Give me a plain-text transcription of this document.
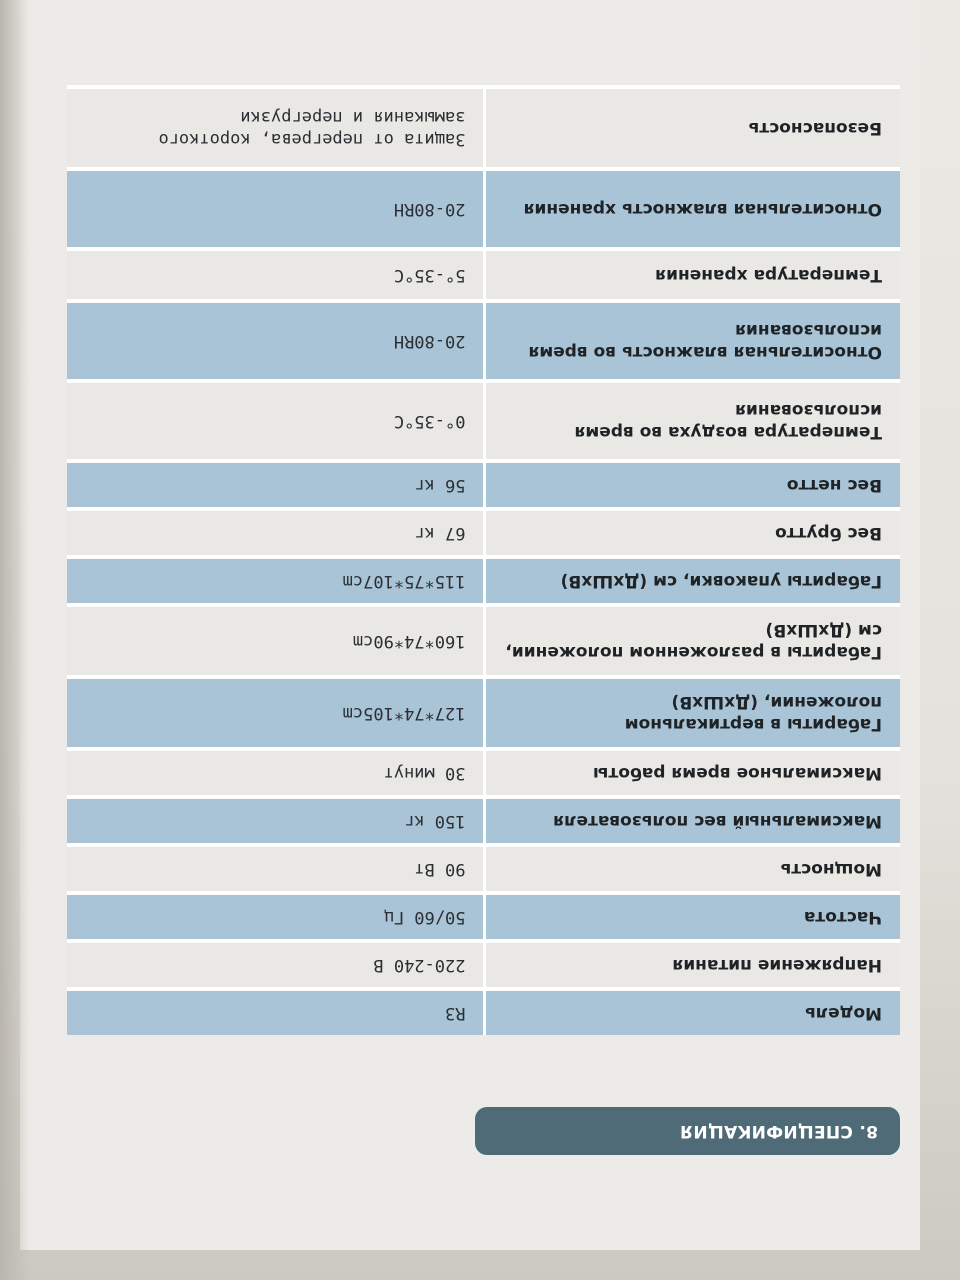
8. СПЕЦИФИКАЦИЯ
Модель	R3
Напряжение питания	220-240 В
Частота	50/60 Гц
Мощность	90 Вт
Максимальный вес пользователя	150 кг
Максимальное время работы	30 минут
Габариты в вертикальном положении, (ДхШхВ)	127*74*105cm
Габариты в разложенном положении, см (ДхШхВ)	160*74*90cm
Габариты упаковки, см (ДхШхВ)	115*75*107cm
Вес брутто	67 кг
Вес нетто	56 кг
Температура воздуха во время использования	0°-35°C
Относительная влажность во время использования	20-80RH
Температура хранения	5°-35°C
Относительная влажность хранения	20-80RH
Безопасность	Защита от перегрева, короткого замыкания и перегрузки
